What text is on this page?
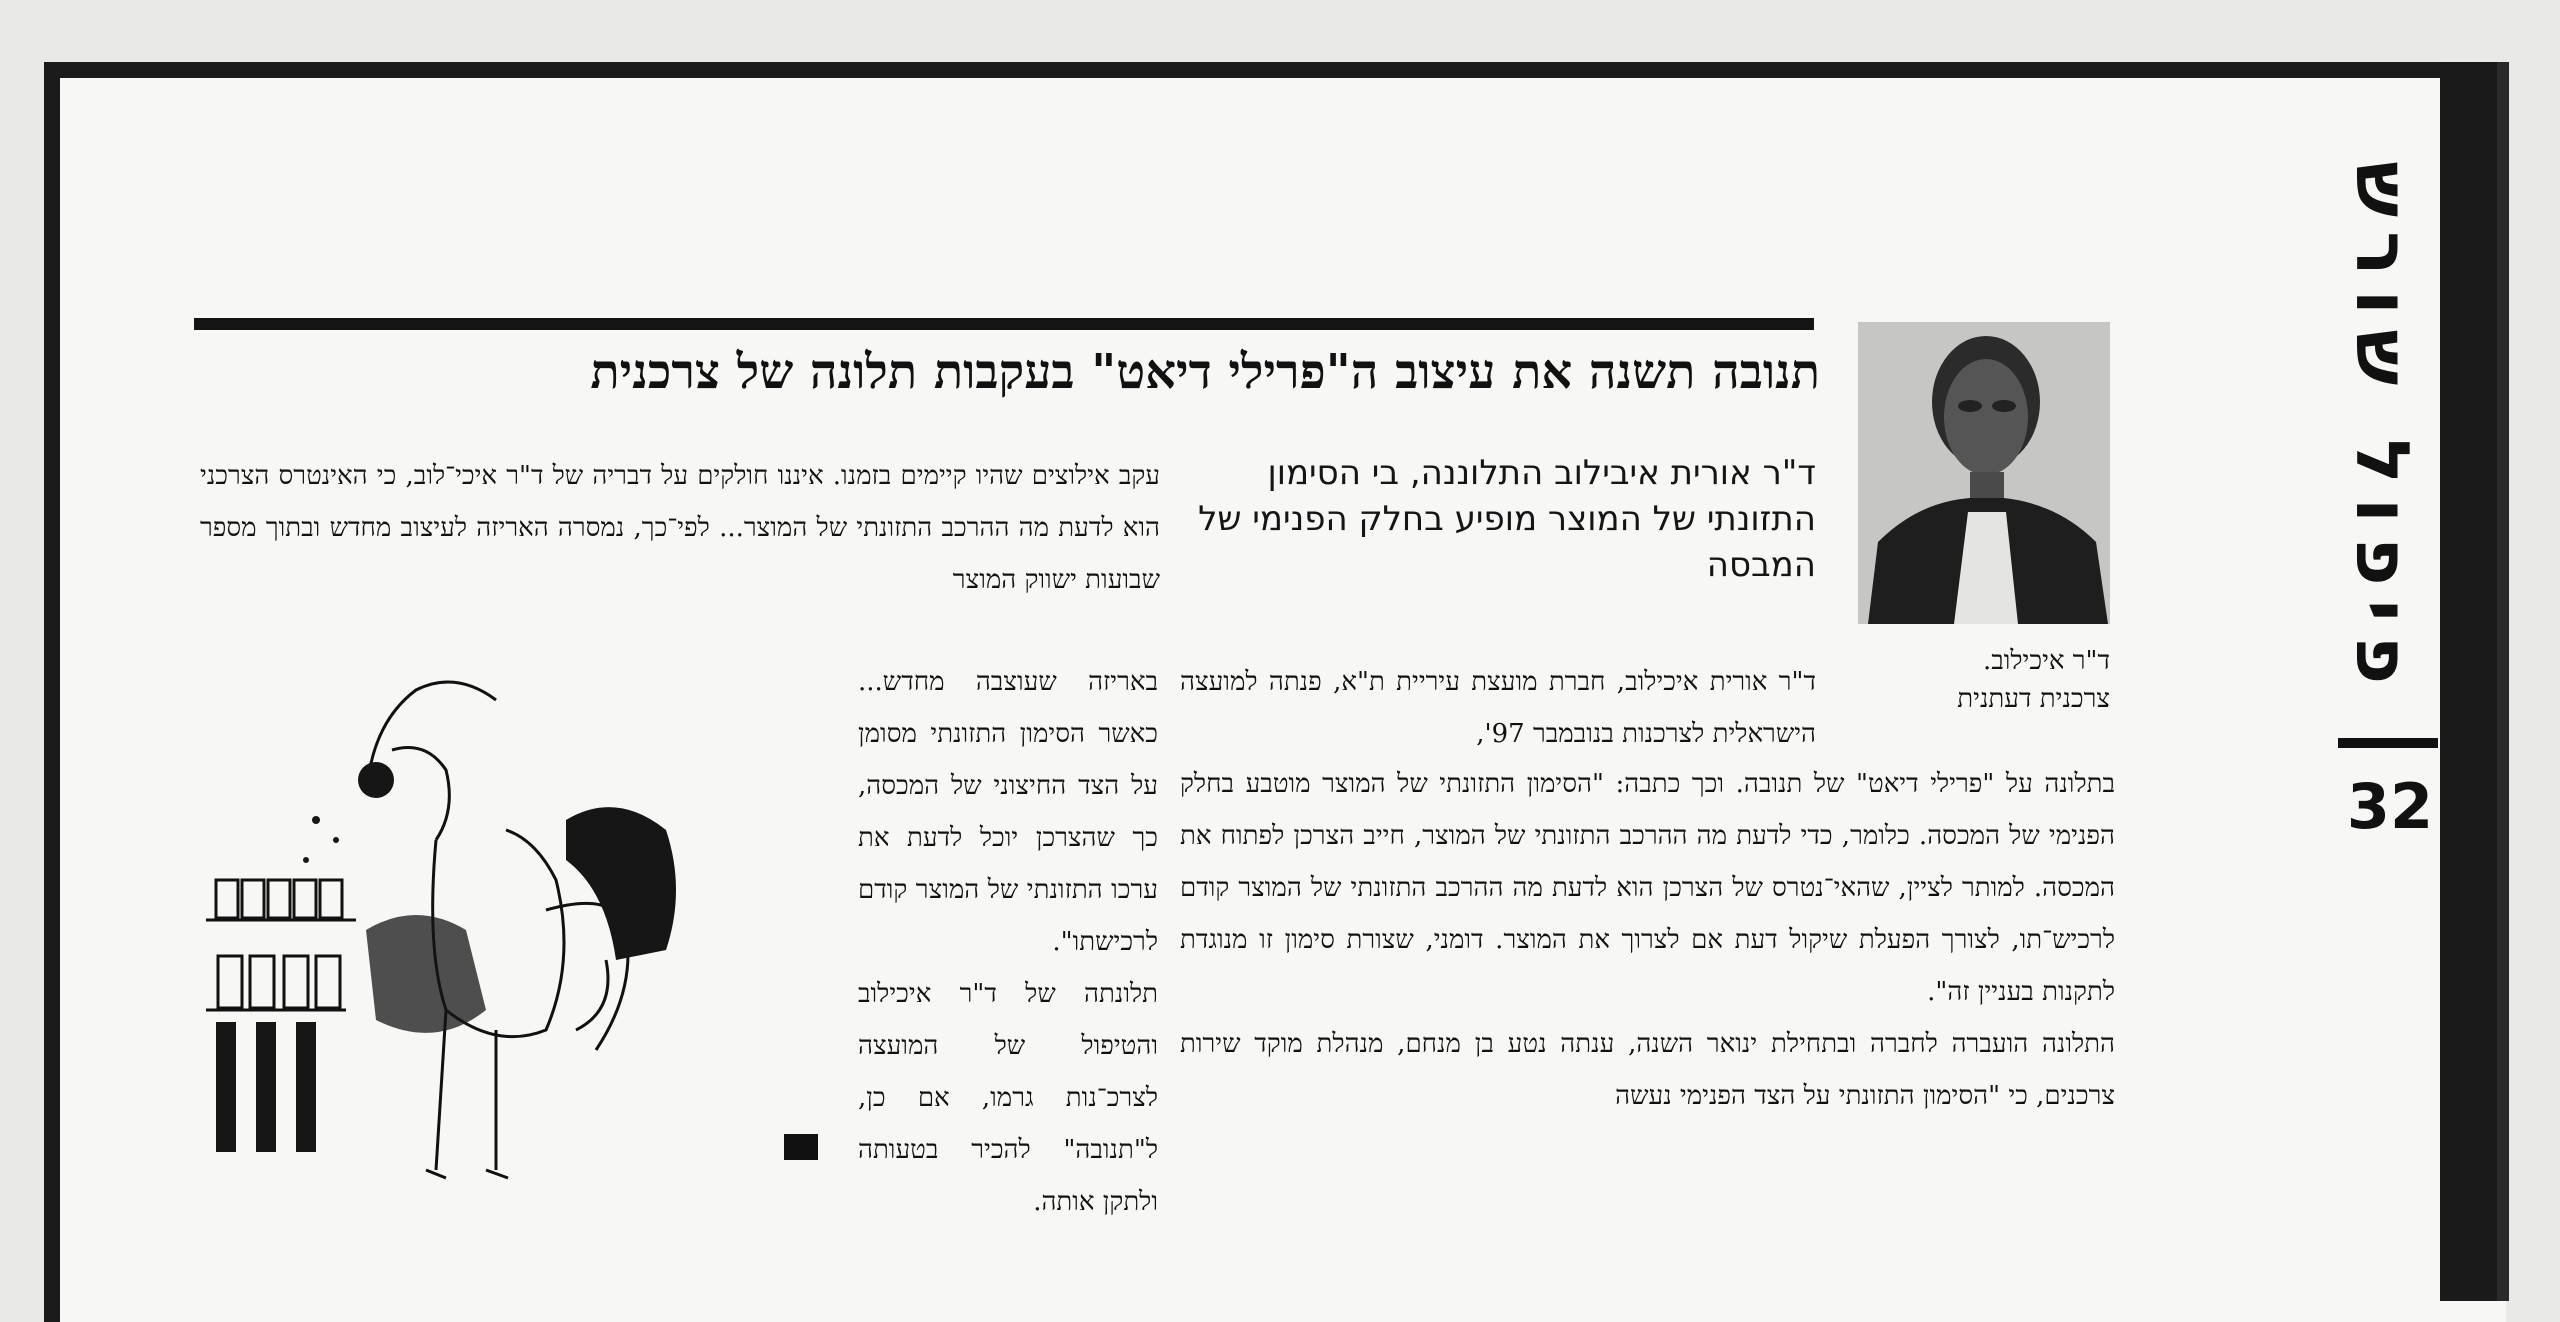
פיפול שורש
32
תנובה תשנה את עיצוב ה"פרילי דיאט" בעקבות תלונה של צרכנית
ד"ר איכילוב.
צרכנית דעתנית
ד"ר אורית איבילוב התלוננה, בי הסימון התזונתי של המוצר מופיע בחלק הפנימי של המבסה

ד"ר אורית איכילוב, חברת מועצת עיריית ת"א, פנתה למועצה הישראלית לצרכנות בנובמבר 97',

בתלונה על "פרילי דיאט" של תנובה. וכך כתבה: "הסימון התזונתי של המוצר מוטבע בחלק הפנימי של המכסה. כלומר, כדי לדעת מה ההרכב התזונתי של המוצר, חייב הצרכן לפתוח את המכסה. למותר לציין, שהאי־נטרס של הצרכן הוא לדעת מה ההרכב התזונתי של המוצר קודם לרכיש־תו, לצורך הפעלת שיקול דעת אם לצרוך את המוצר. דומני, שצורת סימון זו מנוגדת לתקנות בעניין זה".

התלונה הועברה לחברה ובתחילת ינואר השנה, ענתה נטע בן מנחם, מנהלת מוקד שירות צרכנים, כי "הסימון התזונתי על הצד הפנימי נעשה

עקב אילוצים שהיו קיימים בזמנו. איננו חולקים על דבריה של ד"ר איכי־לוב, כי האינטרס הצרכני הוא לדעת מה ההרכב התזונתי של המוצר... לפי־כך, נמסרה האריזה לעיצוב מחדש ובתוך מספר שבועות ישווק המוצר

באריזה שעוצבה מחדש... כאשר הסימון התזונתי מסומן על הצד החיצוני של המכסה, כך שהצרכן יוכל לדעת את ערכו התזונתי של המוצר קודם לרכישתו".

תלונתה של ד"ר איכילוב והטיפול של המועצה לצרכ־נות גרמו, אם כן, ל"תנובה" להכיר בטעותה ולתקן אותה.
